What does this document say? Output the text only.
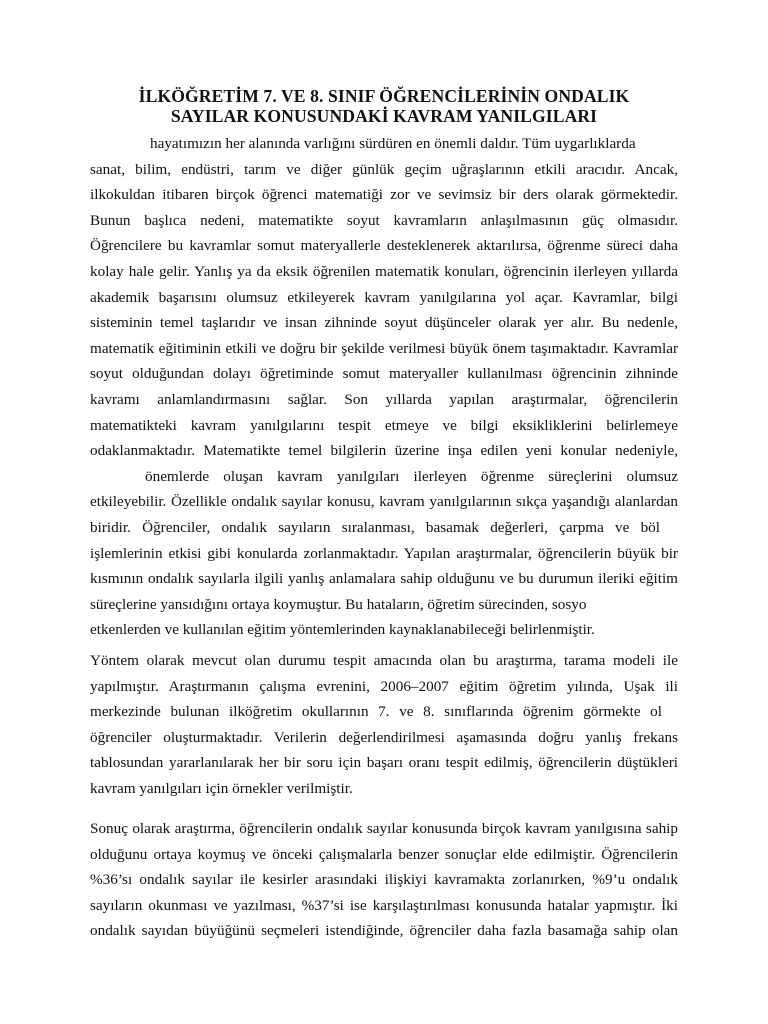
İLKÖĞRETİM 7. VE 8. SINIF ÖĞRENCİLERİNİN ONDALIK
SAYILAR KONUSUNDAKİ KAVRAM YANILGILARI
hayatımızın her alanında varlığını sürdüren en önemli daldır. Tüm uygarlıklarda
sanat, bilim, endüstri, tarım ve diğer günlük geçim uğraşlarının etkili aracıdır. Ancak,
ilkokuldan itibaren birçok öğrenci matematiği zor ve sevimsiz bir ders olarak görmektedir.
Bunun başlıca nedeni, matematikte soyut kavramların anlaşılmasının güç olmasıdır.
Öğrencilere bu kavramlar somut materyallerle desteklenerek aktarılırsa, öğrenme süreci daha
kolay hale gelir. Yanlış ya da eksik öğrenilen matematik konuları, öğrencinin ilerleyen yıllarda
akademik başarısını olumsuz etkileyerek kavram yanılgılarına yol açar. Kavramlar, bilgi
sisteminin temel taşlarıdır ve insan zihninde soyut düşünceler olarak yer alır. Bu nedenle,
matematik eğitiminin etkili ve doğru bir şekilde verilmesi büyük önem taşımaktadır. Kavramlar
soyut olduğundan dolayı öğretiminde somut materyaller kullanılması öğrencinin zihninde
kavramı anlamlandırmasını sağlar. Son yıllarda yapılan araştırmalar, öğrencilerin
matematikteki kavram yanılgılarını tespit etmeye ve bilgi eksikliklerini belirlemeye
odaklanmaktadır. Matematikte temel bilgilerin üzerine inşa edilen yeni konular nedeniyle,
önemlerde oluşan kavram yanılgıları ilerleyen öğrenme süreçlerini olumsuz
etkileyebilir. Özellikle ondalık sayılar konusu, kavram yanılgılarının sıkça yaşandığı alanlardan
biridir. Öğrenciler, ondalık sayıların sıralanması, basamak değerleri, çarpma ve böl
işlemlerinin etkisi gibi konularda zorlanmaktadır. Yapılan araştırmalar, öğrencilerin büyük bir
kısmının ondalık sayılarla ilgili yanlış anlamalara sahip olduğunu ve bu durumun ileriki eğitim
süreçlerine yansıdığını ortaya koymuştur. Bu hataların, öğretim sürecinden, sosyo
etkenlerden ve kullanılan eğitim yöntemlerinden kaynaklanabileceği belirlenmiştir.
Yöntem olarak mevcut olan durumu tespit amacında olan bu araştırma, tarama modeli ile
yapılmıştır. Araştırmanın çalışma evrenini, 2006–2007 eğitim öğretim yılında, Uşak ili
merkezinde bulunan ilköğretim okullarının 7. ve 8. sınıflarında öğrenim görmekte ol
öğrenciler oluşturmaktadır. Verilerin değerlendirilmesi aşamasında doğru yanlış frekans
tablosundan yararlanılarak her bir soru için başarı oranı tespit edilmiş, öğrencilerin düştükleri
kavram yanılgıları için örnekler verilmiştir.
Sonuç olarak araştırma, öğrencilerin ondalık sayılar konusunda birçok kavram yanılgısına sahip
olduğunu ortaya koymuş ve önceki çalışmalarla benzer sonuçlar elde edilmiştir. Öğrencilerin
%36’sı ondalık sayılar ile kesirler arasındaki ilişkiyi kavramakta zorlanırken, %9’u ondalık
sayıların okunması ve yazılması, %37’si ise karşılaştırılması konusunda hatalar yapmıştır. İki
ondalık sayıdan büyüğünü seçmeleri istendiğinde, öğrenciler daha fazla basamağa sahip olan
